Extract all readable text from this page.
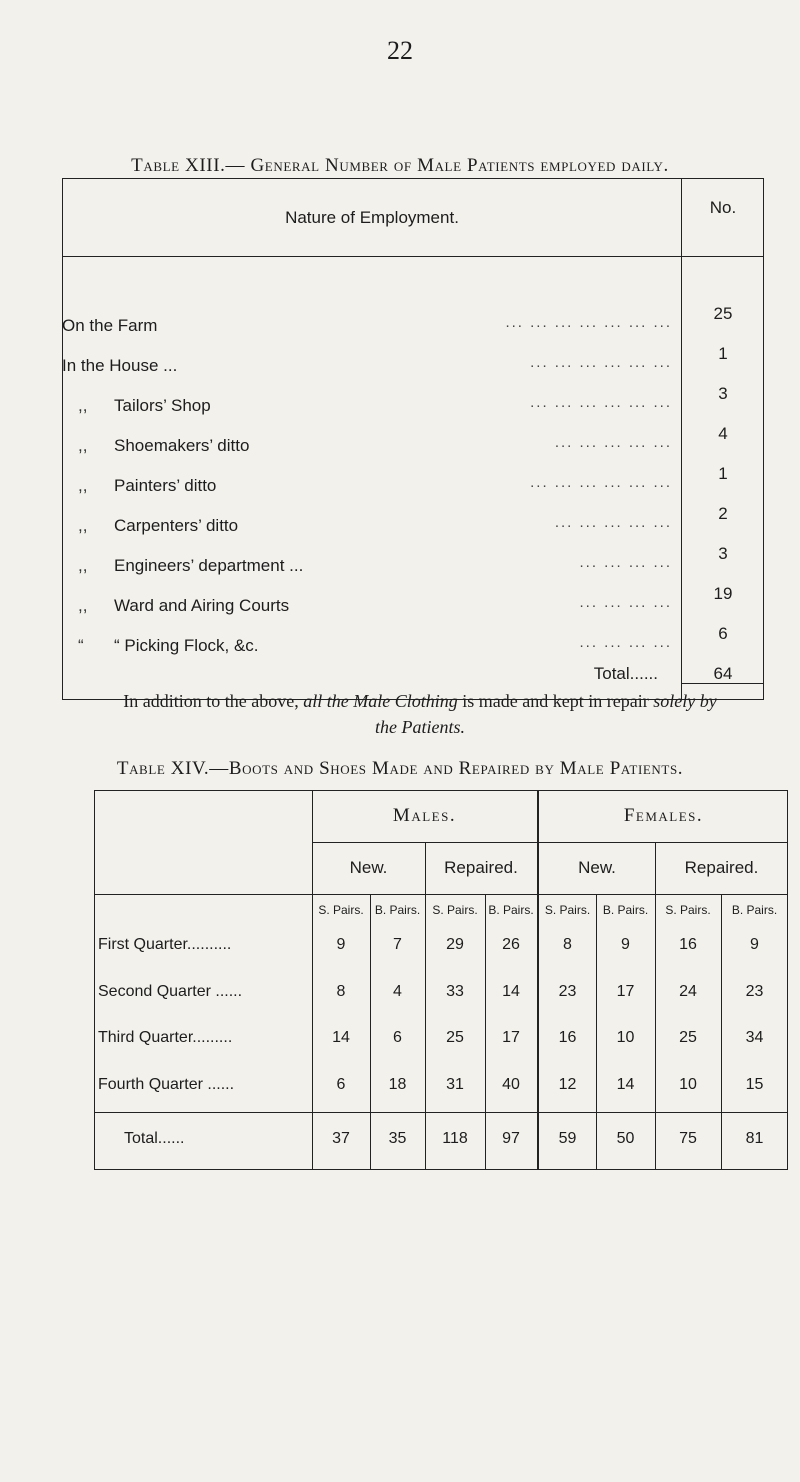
22
Table XIII.— General Number of Male Patients employed daily.
Nature of Employment.
No.
On the Farm	... ... ... ... ... ... ...	25
In the House ...	... ... ... ... ... ...	1
,, Tailors’ Shop	... ... ... ... ... ...	3
,, Shoemakers’ ditto	... ... ... ... ...	4
,, Painters’ ditto	... ... ... ... ... ...	1
,, Carpenters’ ditto	... ... ... ... ...	2
,, Engineers’ department ...	... ... ... ...	3
,, Ward and Airing Courts	... ... ... ...	19
“ “ Picking Flock, &c.	... ... ... ...	6
Total......	64
In addition to the above, all the Male Clothing is made and kept in repair solely by the Patients.
Table XIV.—Boots and Shoes Made and Repaired by Male Patients.
Males.	Females.
New.	Repaired.	New.	Repaired.
S. Pairs. B. Pairs.	S. Pairs. B. Pairs. S. Pairs.	B. Pairs.	S. Pairs.	B. Pairs.
First Quarter..........	9	7	29	26	8	9	16	9
Second Quarter ......	8	4	33	14	23	17	24	23
Third Quarter.........	14	6	25	17	16	10	25	34
Fourth Quarter ......	6	18	31	40	12	14	10	15
Total......	37	35	118	97	59	50	75	81
